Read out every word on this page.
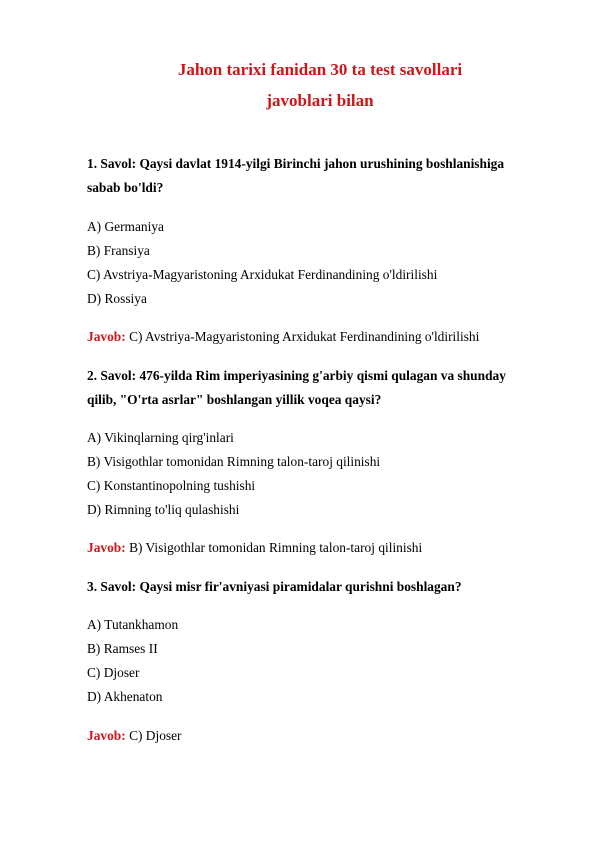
Jahon tarixi fanidan 30 ta test savollari

javoblari bilan

1. Savol: Qaysi davlat 1914-yilgi Birinchi jahon urushining boshlanishiga sabab bo'ldi?

A) Germaniya

B) Fransiya

C) Avstriya-Magyaristoning Arxidukat Ferdinandining o'ldirilishi

D) Rossiya

Javob: C) Avstriya-Magyaristoning Arxidukat Ferdinandining o'ldirilishi

2. Savol: 476-yilda Rim imperiyasining g'arbiy qismi qulagan va shunday qilib, "O'rta asrlar" boshlangan yillik voqea qaysi?

A) Vikinqlarning qirg'inlari

B) Visigothlar tomonidan Rimning talon-taroj qilinishi

C) Konstantinopolning tushishi

D) Rimning to'liq qulashishi

Javob: B) Visigothlar tomonidan Rimning talon-taroj qilinishi

3. Savol: Qaysi misr fir'avniyasi piramidalar qurishni boshlagan?

A) Tutankhamon

B) Ramses II

C) Djoser

D) Akhenaton

Javob: C) Djoser
